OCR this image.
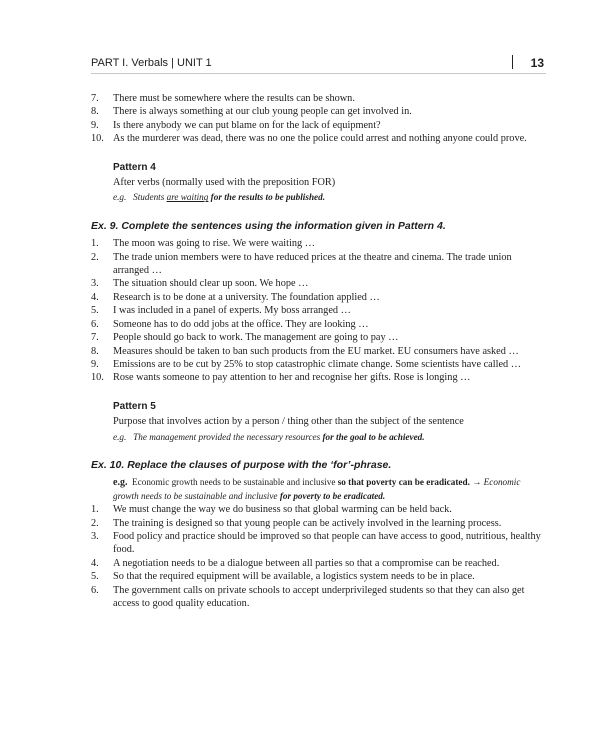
PART I. Verbals | UNIT 1	13
7.	There must be somewhere where the results can be shown.
8.	There is always something at our club young people can get involved in.
9.	Is there anybody we can put blame on for the lack of equipment?
10. As the murderer was dead, there was no one the police could arrest and nothing anyone could prove.
Pattern 4
After verbs (normally used with the preposition FOR)
e.g. Students are waiting for the results to be published.
Ex. 9. Complete the sentences using the information given in Pattern 4.
1.	The moon was going to rise. We were waiting …
2.	The trade union members were to have reduced prices at the theatre and cinema. The trade union arranged …
3.	The situation should clear up soon. We hope …
4.	Research is to be done at a university. The foundation applied …
5.	I was included in a panel of experts. My boss arranged …
6.	Someone has to do odd jobs at the office. They are looking …
7.	People should go back to work. The management are going to pay …
8.	Measures should be taken to ban such products from the EU market. EU consumers have asked …
9.	Emissions are to be cut by 25% to stop catastrophic climate change. Some scientists have called …
10. Rose wants someone to pay attention to her and recognise her gifts. Rose is longing …
Pattern 5
Purpose that involves action by a person / thing other than the subject of the sentence
e.g. The management provided the necessary resources for the goal to be achieved.
Ex. 10. Replace the clauses of purpose with the ‘for’-phrase.
e.g. Economic growth needs to be sustainable and inclusive so that poverty can be eradicated. → Economic growth needs to be sustainable and inclusive for poverty to be eradicated.
1.	We must change the way we do business so that global warming can be held back.
2.	The training is designed so that young people can be actively involved in the learning process.
3.	Food policy and practice should be improved so that people can have access to good, nutritious, healthy food.
4.	A negotiation needs to be a dialogue between all parties so that a compromise can be reached.
5.	So that the required equipment will be available, a logistics system needs to be in place.
6.	The government calls on private schools to accept underprivileged students so that they can also get access to good quality education.
